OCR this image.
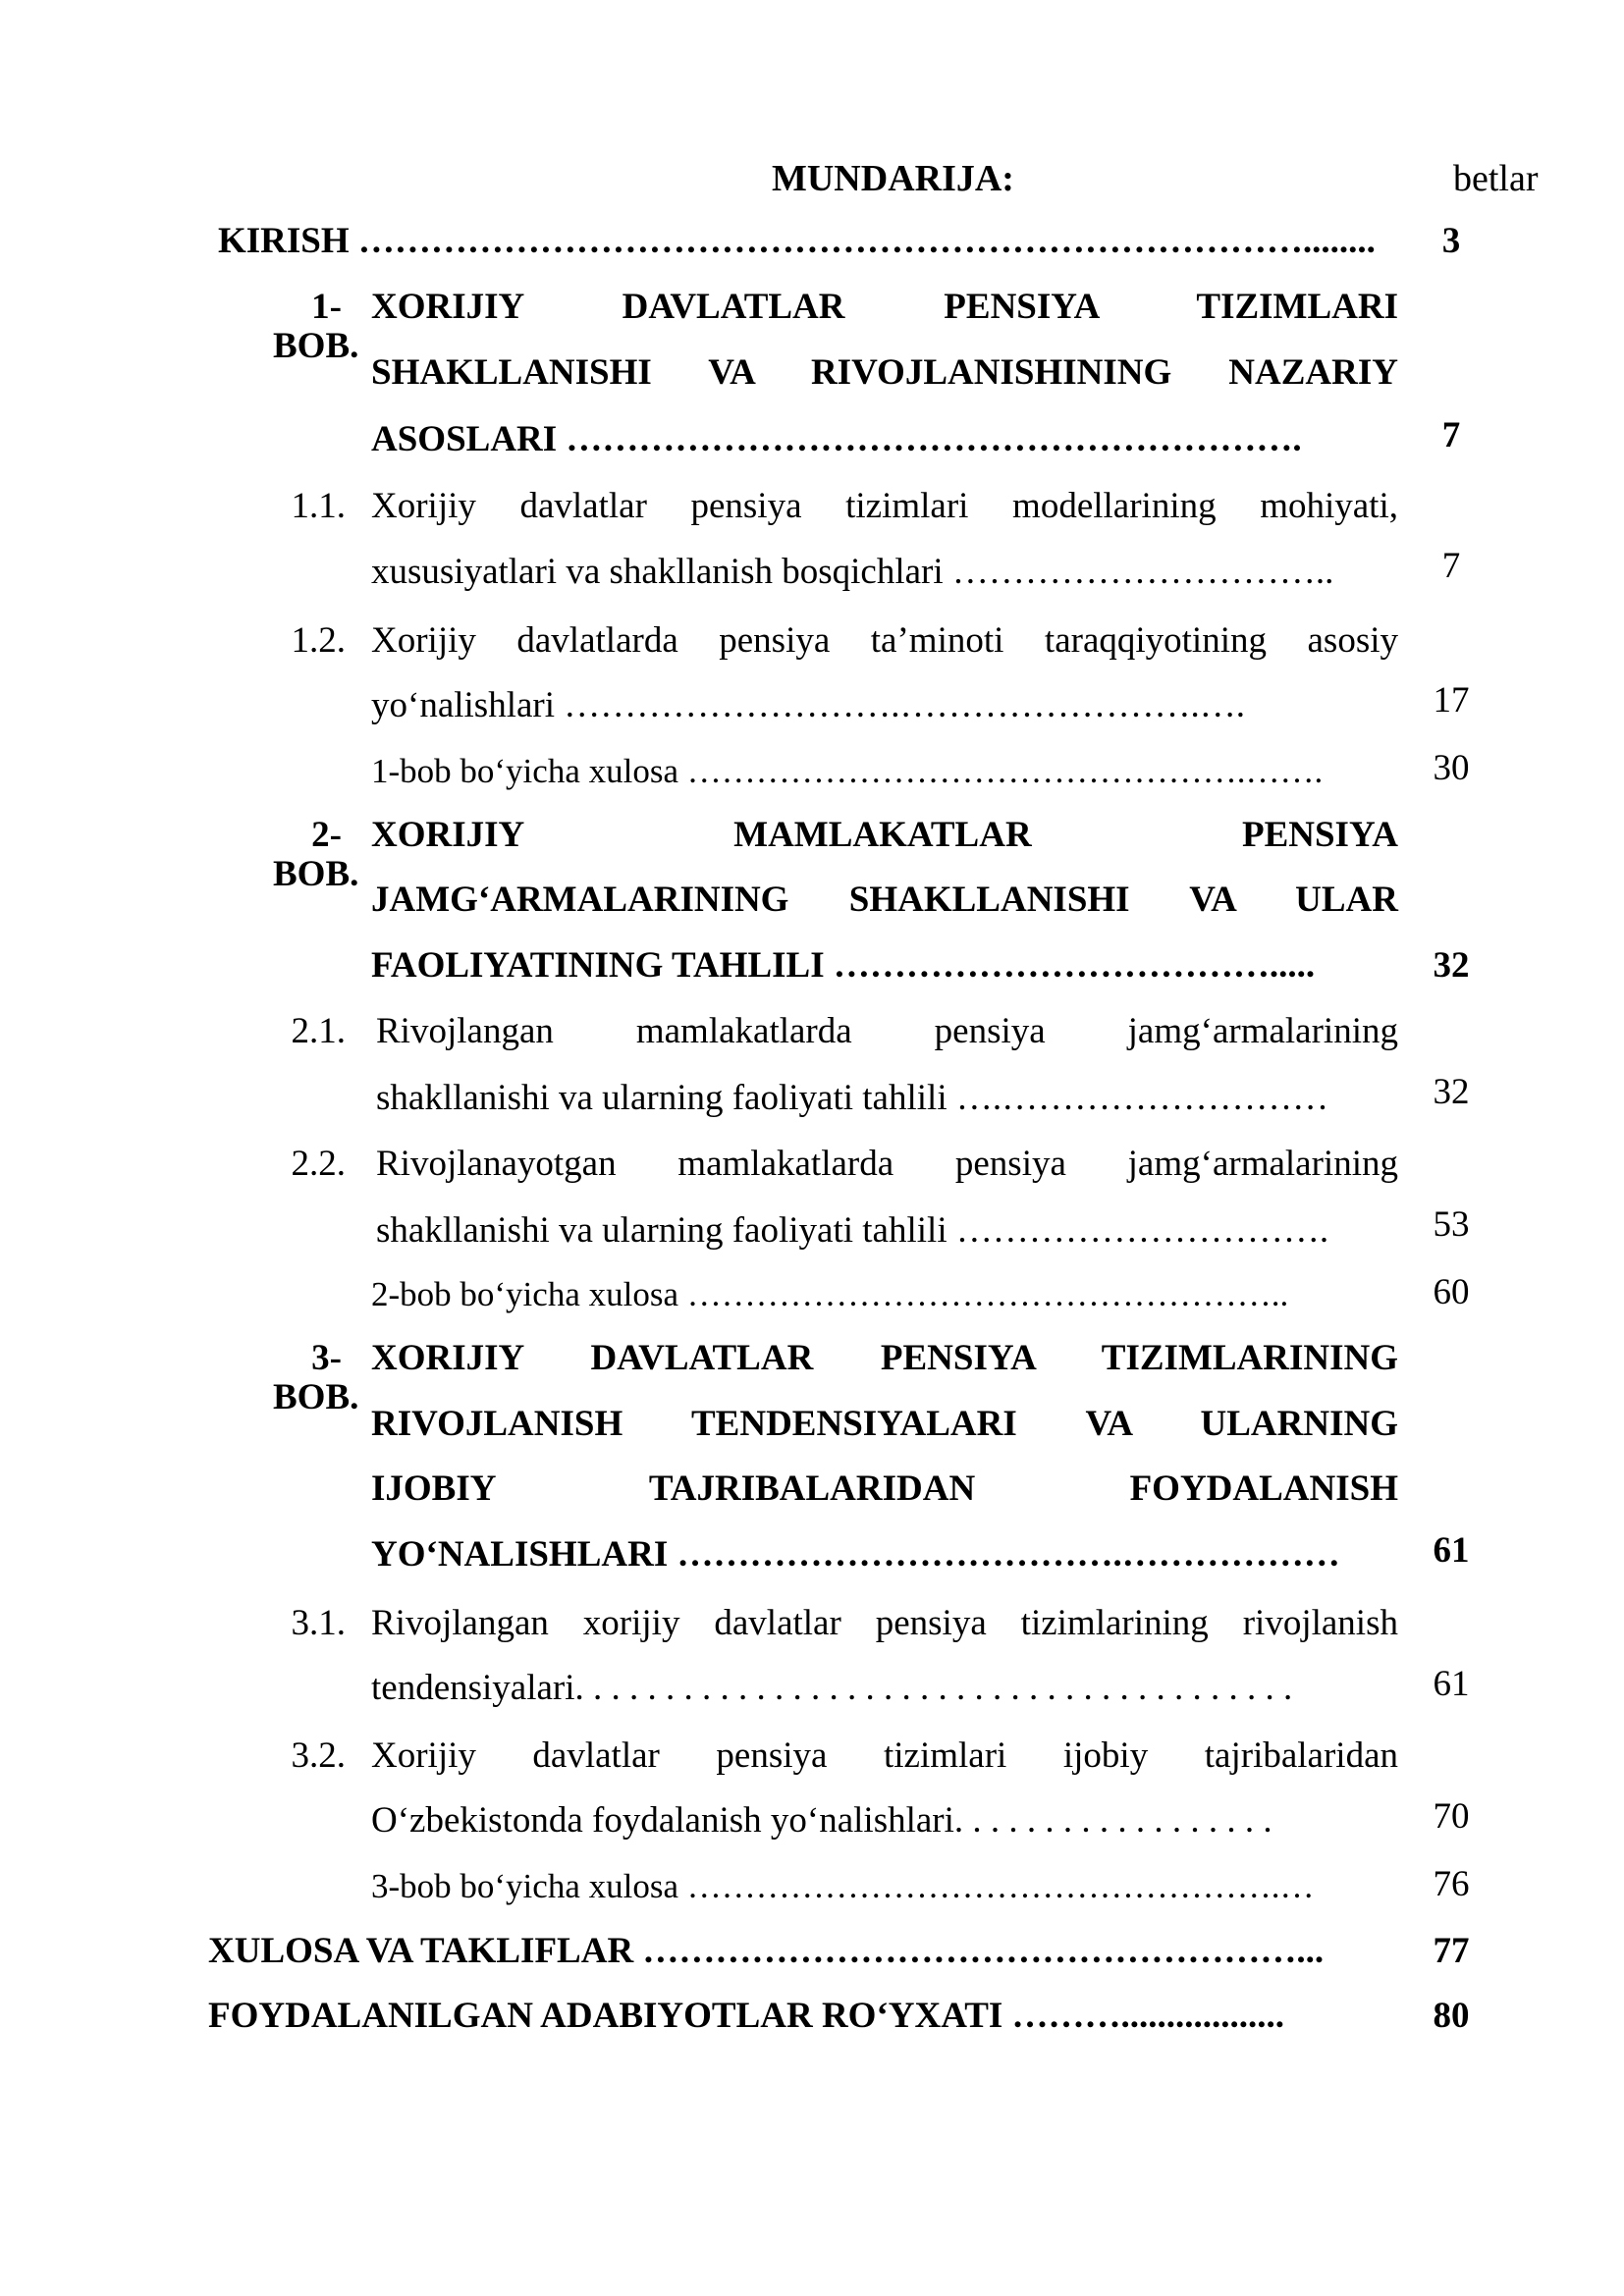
MUNDARIJA:	betlar
KIRISH ……………………………………………………………………........	3
1-BOB.
XORIJIY DAVLATLAR PENSIYA TIZIMLARI
SHAKLLANISHI VA RIVOJLANISHINING NAZARIY
ASOSLARI …………………………………………………….	7
1.1. Xorijiy davlatlar pensiya tizimlari modellarining mohiyati,
xususiyatlari va shakllanish bosqichlari …………………………..	7
1.2. Xorijiy davlatlarda pensiya ta’minoti taraqqiyotining asosiy
yo‘nalishlari ……………………….…………………….….	17
1-bob bo‘yicha xulosa ………………………………………….…….	30
2-BOB.
XORIJIY MAMLAKATLAR PENSIYA
JAMG‘ARMALARINING SHAKLLANISHI VA ULAR
FAOLIYATINING TAHLILI ……………………………….....	32
2.1. Rivojlangan mamlakatlarda pensiya jamg‘armalarining
shakllanishi va ularning faoliyati tahlili ….………………………	32
2.2. Rivojlanayotgan mamlakatlarda pensiya jamg‘armalarining
shakllanishi va ularning faoliyati tahlili ………………………….	53
2-bob bo‘yicha xulosa ……………………………………………..	60
3-BOB.
XORIJIY DAVLATLAR PENSIYA TIZIMLARINING
RIVOJLANISH TENDENSIYALARI VA ULARNING
IJOBIY TAJRIBALARIDAN FOYDALANISH
YO‘NALISHLARI ……………………………….………………	61
3.1. Rivojlangan xorijiy davlatlar pensiya tizimlarining rivojlanish
tendensiyalari. . . . . . . . . . . . . . . . . . . . . . . . . . . . . . . . . . . . . . . .	61
3.2. Xorijiy davlatlar pensiya tizimlari ijobiy tajribalaridan
O‘zbekistonda foydalanish yo‘nalishlari. . . . . . . . . . . . . . . . . .	70
3-bob bo‘yicha xulosa …………………………………………….…	76
XULOSA VA TAKLIFLAR ………………………………………………...	77
FOYDALANILGAN ADABIYOTLAR RO‘YXATI ………..................	80
